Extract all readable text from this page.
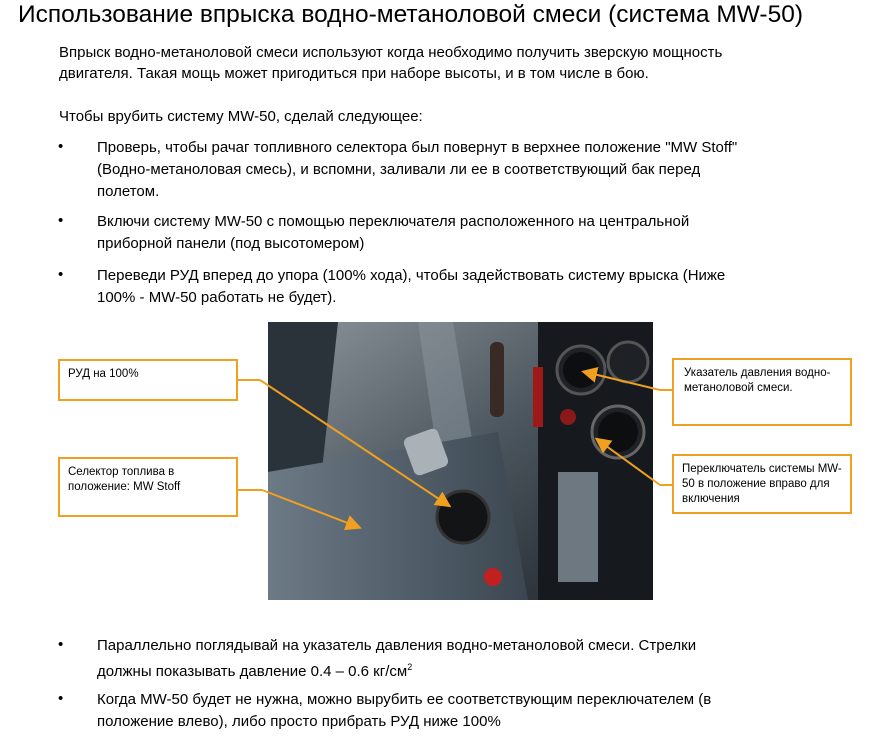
Использование впрыска водно-метаноловой смеси (система MW-50)

Впрыск водно-метаноловой смеси используют когда необходимо получить зверскую мощность

двигателя. Такая мощь может пригодиться при наборе высоты, и в том числе в бою.

Чтобы врубить систему MW-50, сделай следующее:

• Проверь, чтобы рачаг топливного селектора был повернут в верхнее положение "MW Stoff"

(Водно-метаноловая смесь), и вспомни, заливали ли ее в соответствующий бак перед

полетом.

• Включи систему MW-50 с помощью переключателя расположенного на центральной

приборной панели (под высотомером)

• Переведи РУД вперед до упора (100% хода), чтобы задействовать систему врыска (Ниже

100% - MW-50 работать не будет).

РУД на 100%
Селектор топлива в положение: MW Stoff
Указатель давления водно-метаноловой смеси.
Переключатель системы MW-50 в положение вправо для включения
• Параллельно поглядывай на указатель давления водно-метаноловой смеси. Стрелки

должны показывать давление 0.4 – 0.6 $кг/см^2$

• Когда MW-50 будет не нужна, можно вырубить ее соответствующим переключателем (в

положение влево), либо просто прибрать РУД ниже 100%
